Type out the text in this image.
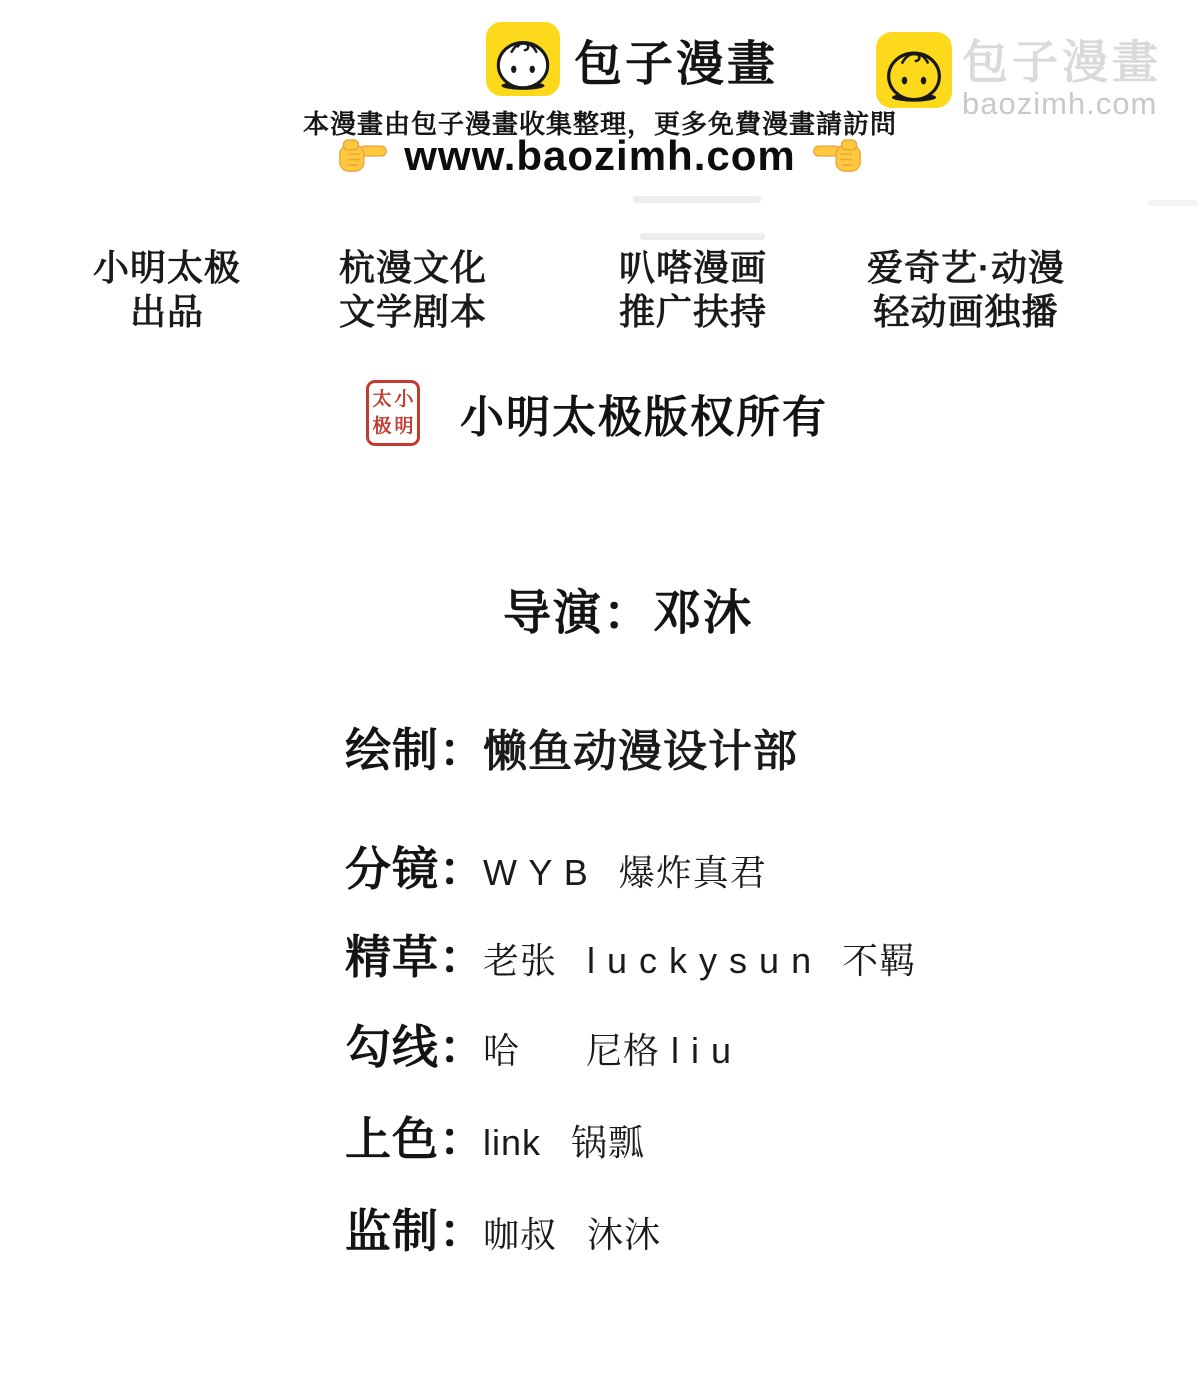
包子漫畫	包子漫畫
baozimh.com
本漫畫由包子漫畫收集整理，更多免費漫畫請訪問
www.baozimh.com
小明太极
出品
杭漫文化
文学剧本
叭嗒漫画
推广扶持
爱奇艺·动漫
轻动画独播
太 小
极 明 小明太极版权所有
导演：邓沐
绘制：
懒鱼动漫设计部
分镜：
W Y B 爆炸真君
精草：
老张 l u c k y s u n 不羁
勾线：
哈 尼格 l i u
上色：
link 锅瓢
监制：
咖叔 沐沐
